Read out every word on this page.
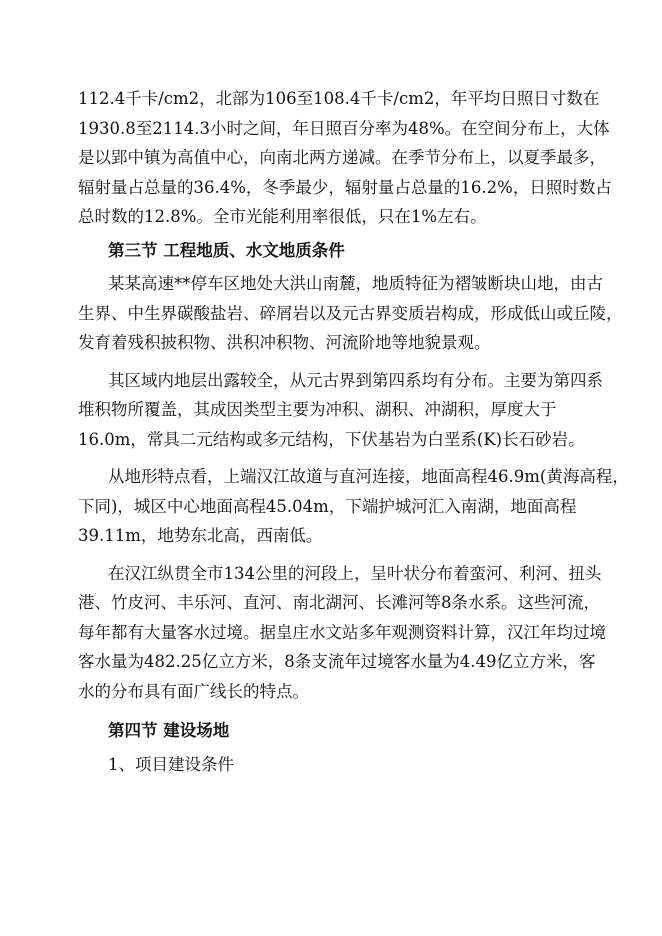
112.4千卡/cm2，北部为106至108.4千卡/cm2，年平均日照日寸数在
1930.8至2114.3小时之间，年日照百分率为48%。在空间分布上，大体
是以郢中镇为高值中心，向南北两方递减。在季节分布上，以夏季最多，
辐射量占总量的36.4%，冬季最少，辐射量占总量的16.2%，日照时数占
总时数的12.8%。全市光能利用率很低，只在1%左右。
第三节 工程地质、水文地质条件
某某高速**停车区地处大洪山南麓，地质特征为褶皱断块山地，由古
生界、中生界碳酸盐岩、碎屑岩以及元古界变质岩构成，形成低山或丘陵，
发育着残积披积物、洪积冲积物、河流阶地等地貌景观。
其区域内地层出露较全，从元古界到第四系均有分布。主要为第四系
堆积物所覆盖，其成因类型主要为冲积、湖积、冲湖积，厚度大于
16.0m，常具二元结构或多元结构，下伏基岩为白垩系(K)长石砂岩。
从地形特点看，上端汉江故道与直河连接，地面高程46.9m(黄海高程，
下同)，城区中心地面高程45.04m，下端护城河汇入南湖，地面高程
39.11m，地势东北高，西南低。
在汉江纵贯全市134公里的河段上，呈叶状分布着蛮河、利河、扭头
港、竹皮河、丰乐河、直河、南北湖河、长滩河等8条水系。这些河流，
每年都有大量客水过境。据皇庄水文站多年观测资料计算，汉江年均过境
客水量为482.25亿立方米，8条支流年过境客水量为4.49亿立方米，客
水的分布具有面广线长的特点。
第四节 建设场地
1、项目建设条件
